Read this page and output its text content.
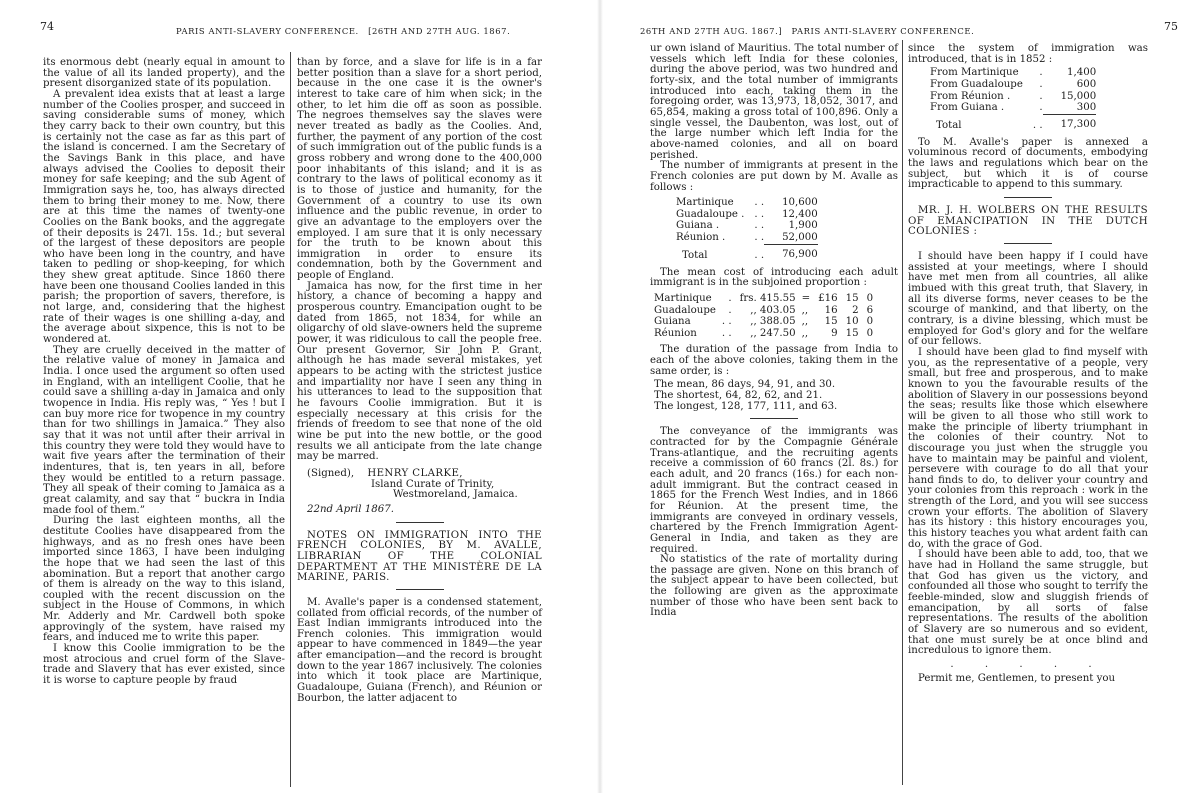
74	PARIS ANTI-SLAVERY CONFERENCE. [26TH AND 27TH AUG. 1867.

its enormous debt (nearly equal in amount to the value of all its landed property), and the present disorganized state of its population.

A prevalent idea exists that at least a large number of the Coolies prosper, and succeed in saving considerable sums of money, which they carry back to their own country, but this is certainly not the case as far as this part of the island is concerned. I am the Secretary of the Savings Bank in this place, and have always advised the Coolies to deposit their money for safe keeping; and the sub Agent of Immigration says he, too, has always directed them to bring their money to me. Now, there are at this time the names of twenty-one Coolies on the Bank books, and the aggregate of their deposits is 247l. 15s. 1d.; but several of the largest of these depositors are people who have been long in the country, and have taken to pedling or shop-keeping, for which they shew great aptitude. Since 1860 there have been one thousand Coolies landed in this parish; the proportion of savers, therefore, is not large, and, considering that the highest rate of their wages is one shilling a-day, and the average about sixpence, this is not to be wondered at.

They are cruelly deceived in the matter of the relative value of money in Jamaica and India. I once used the argument so often used in England, with an intelligent Coolie, that he could save a shilling a-day in Jamaica and only twopence in India. His reply was, “ Yes ! but I can buy more rice for twopence in my country than for two shillings in Jamaica.” They also say that it was not until after their arrival in this country they were told they would have to wait five years after the termination of their indentures, that is, ten years in all, before they would be entitled to a return passage. They all speak of their coming to Jamaica as a great calamity, and say that “ buckra in India made fool of them.”

During the last eighteen months, all the destitute Coolies have disappeared from the highways, and as no fresh ones have been imported since 1863, I have been indulging the hope that we had seen the last of this abomination. But a report that another cargo of them is already on the way to this island, coupled with the recent discussion on the subject in the House of Commons, in which Mr. Adderly and Mr. Cardwell both spoke approvingly of the system, have raised my fears, and induced me to write this paper.

I know this Coolie immigration to be the most atrocious and cruel form of the Slave-trade and Slavery that has ever existed, since it is worse to capture people by fraud

than by force, and a slave for life is in a far better position than a slave for a short period, because in the one case it is the owner's interest to take care of him when sick; in the other, to let him die off as soon as possible. The negroes themselves say the slaves were never treated as badly as the Coolies. And, further, the payment of any portion of the cost of such immigration out of the public funds is a gross robbery and wrong done to the 400,000 poor inhabitants of this island; and it is as contrary to the laws of political economy as it is to those of justice and humanity, for the Government of a country to use its own influence and the public revenue, in order to give an advantage to the employers over the employed. I am sure that it is only necessary for the truth to be known about this immigration in order to ensure its condemnation, both by the Government and people of England.

Jamaica has now, for the first time in her history, a chance of becoming a happy and prosperous country. Emancipation ought to be dated from 1865, not 1834, for while an oligarchy of old slave-owners held the supreme power, it was ridiculous to call the people free. Our present Governor, Sir John P. Grant, although he has made several mistakes, yet appears to be acting with the strictest justice and impartiality nor have I seen any thing in his utterances to lead to the supposition that he favours Coolie immigration. But it is especially necessary at this crisis for the friends of freedom to see that none of the old wine be put into the new bottle, or the good results we all anticipate from the late change may be marred.

(Signed), HENRY CLARKE,
Island Curate of Trinity,
Westmoreland, Jamaica.
22nd April 1867.

NOTES ON IMMIGRATION INTO THE FRENCH COLONIES, BY M. AVALLE, LIBRARIAN OF THE COLONIAL DEPARTMENT AT THE MINISTÈRE DE LA MARINE, PARIS.

M. Avalle's paper is a condensed statement, collated from official records, of the number of East Indian immigrants introduced into the French colonies. This immigration would appear to have commenced in 1849—the year after emancipation—and the record is brought down to the year 1867 inclusively. The colonies into which it took place are Martinique, Guadaloupe, Guiana (French), and Réunion or Bourbon, the latter adjacent to

75
26TH AND 27TH AUG. 1867.] PARIS ANTI-SLAVERY CONFERENCE.

ur own island of Mauritius. The total number of vessels which left India for these colonies, during the above period, was two hundred and forty-six, and the total number of immigrants introduced into each, taking them in the foregoing order, was 13,973, 18,052, 3017, and 65,854, making a gross total of 100,896. Only a single vessel, the Daubenton, was lost, out of the large number which left India for the above-named colonies, and all on board perished.

The number of immigrants at present in the French colonies are put down by M. Avalle as follows :

Martinique	. .	10,600
Guadaloupe .	. .	12,400
Guiana .	. .	1,900
Réunion .	. .	52,000
Total	. .	76,900

The mean cost of introducing each adult immigrant is in the subjoined proportion :

Martinique	.	frs. 415.55	=	£16	15	0
Guadaloupe	.	,, 403.05	,,	16	2	6
Guiana	. .	,, 388.05	,,	15	10	0
Réunion	. .	,, 247.50	,,	9	15	0

The duration of the passage from India to each of the above colonies, taking them in the same order, is :

The mean, 86 days, 94, 91, and 30.
The shortest, 64, 82, 62, and 21.
The longest, 128, 177, 111, and 63.

The conveyance of the immigrants was contracted for by the Compagnie Générale Trans-atlantique, and the recruiting agents receive a commission of 60 francs (2l. 8s.) for each adult, and 20 francs (16s.) for each non-adult immigrant. But the contract ceased in 1865 for the French West Indies, and in 1866 for Réunion. At the present time, the immigrants are conveyed in ordinary vessels, chartered by the French Immigration Agent-General in India, and taken as they are required.

No statistics of the rate of mortality during the passage are given. None on this branch of the subject appear to have been collected, but the following are given as the approximate number of those who have been sent back to India

since the system of immigration was introduced, that is in 1852 :

From Martinique	.	1,400
From Guadaloupe	.	600
From Réunion .	.	15,000
From Guiana .	.	300
Total	. .	17,300

To M. Avalle's paper is annexed a voluminous record of documents, embodying the laws and regulations which bear on the subject, but which it is of course impracticable to append to this summary.

MR. J. H. WOLBERS ON THE RESULTS OF EMANCIPATION IN THE DUTCH COLONIES :

I should have been happy if I could have assisted at your meetings, where I should have met men from all countries, all alike imbued with this great truth, that Slavery, in all its diverse forms, never ceases to be the scourge of mankind, and that liberty, on the contrary, is a divine blessing, which must be employed for God's glory and for the welfare of our fellows.

I should have been glad to find myself with you, as the representative of a people, very small, but free and prosperous, and to make known to you the favourable results of the abolition of Slavery in our possessions beyond the seas; results like those which elsewhere will be given to all those who still work to make the principle of liberty triumphant in the colonies of their country. Not to discourage you just when the struggle you have to maintain may be painful and violent, persevere with courage to do all that your hand finds to do, to deliver your country and your colonies from this reproach : work in the strength of the Lord, and you will see success crown your efforts. The abolition of Slavery has its history : this history encourages you, this history teaches you what ardent faith can do, with the grace of God.

I should have been able to add, too, that we have had in Holland the same struggle, but that God has given us the victory, and confounded all those who sought to terrify the feeble-minded, slow and sluggish friends of emancipation, by all sorts of false representations. The results of the abolition of Slavery are so numerous and so evident, that one must surely be at once blind and incredulous to ignore them.

. . . . .

Permit me, Gentlemen, to present you
